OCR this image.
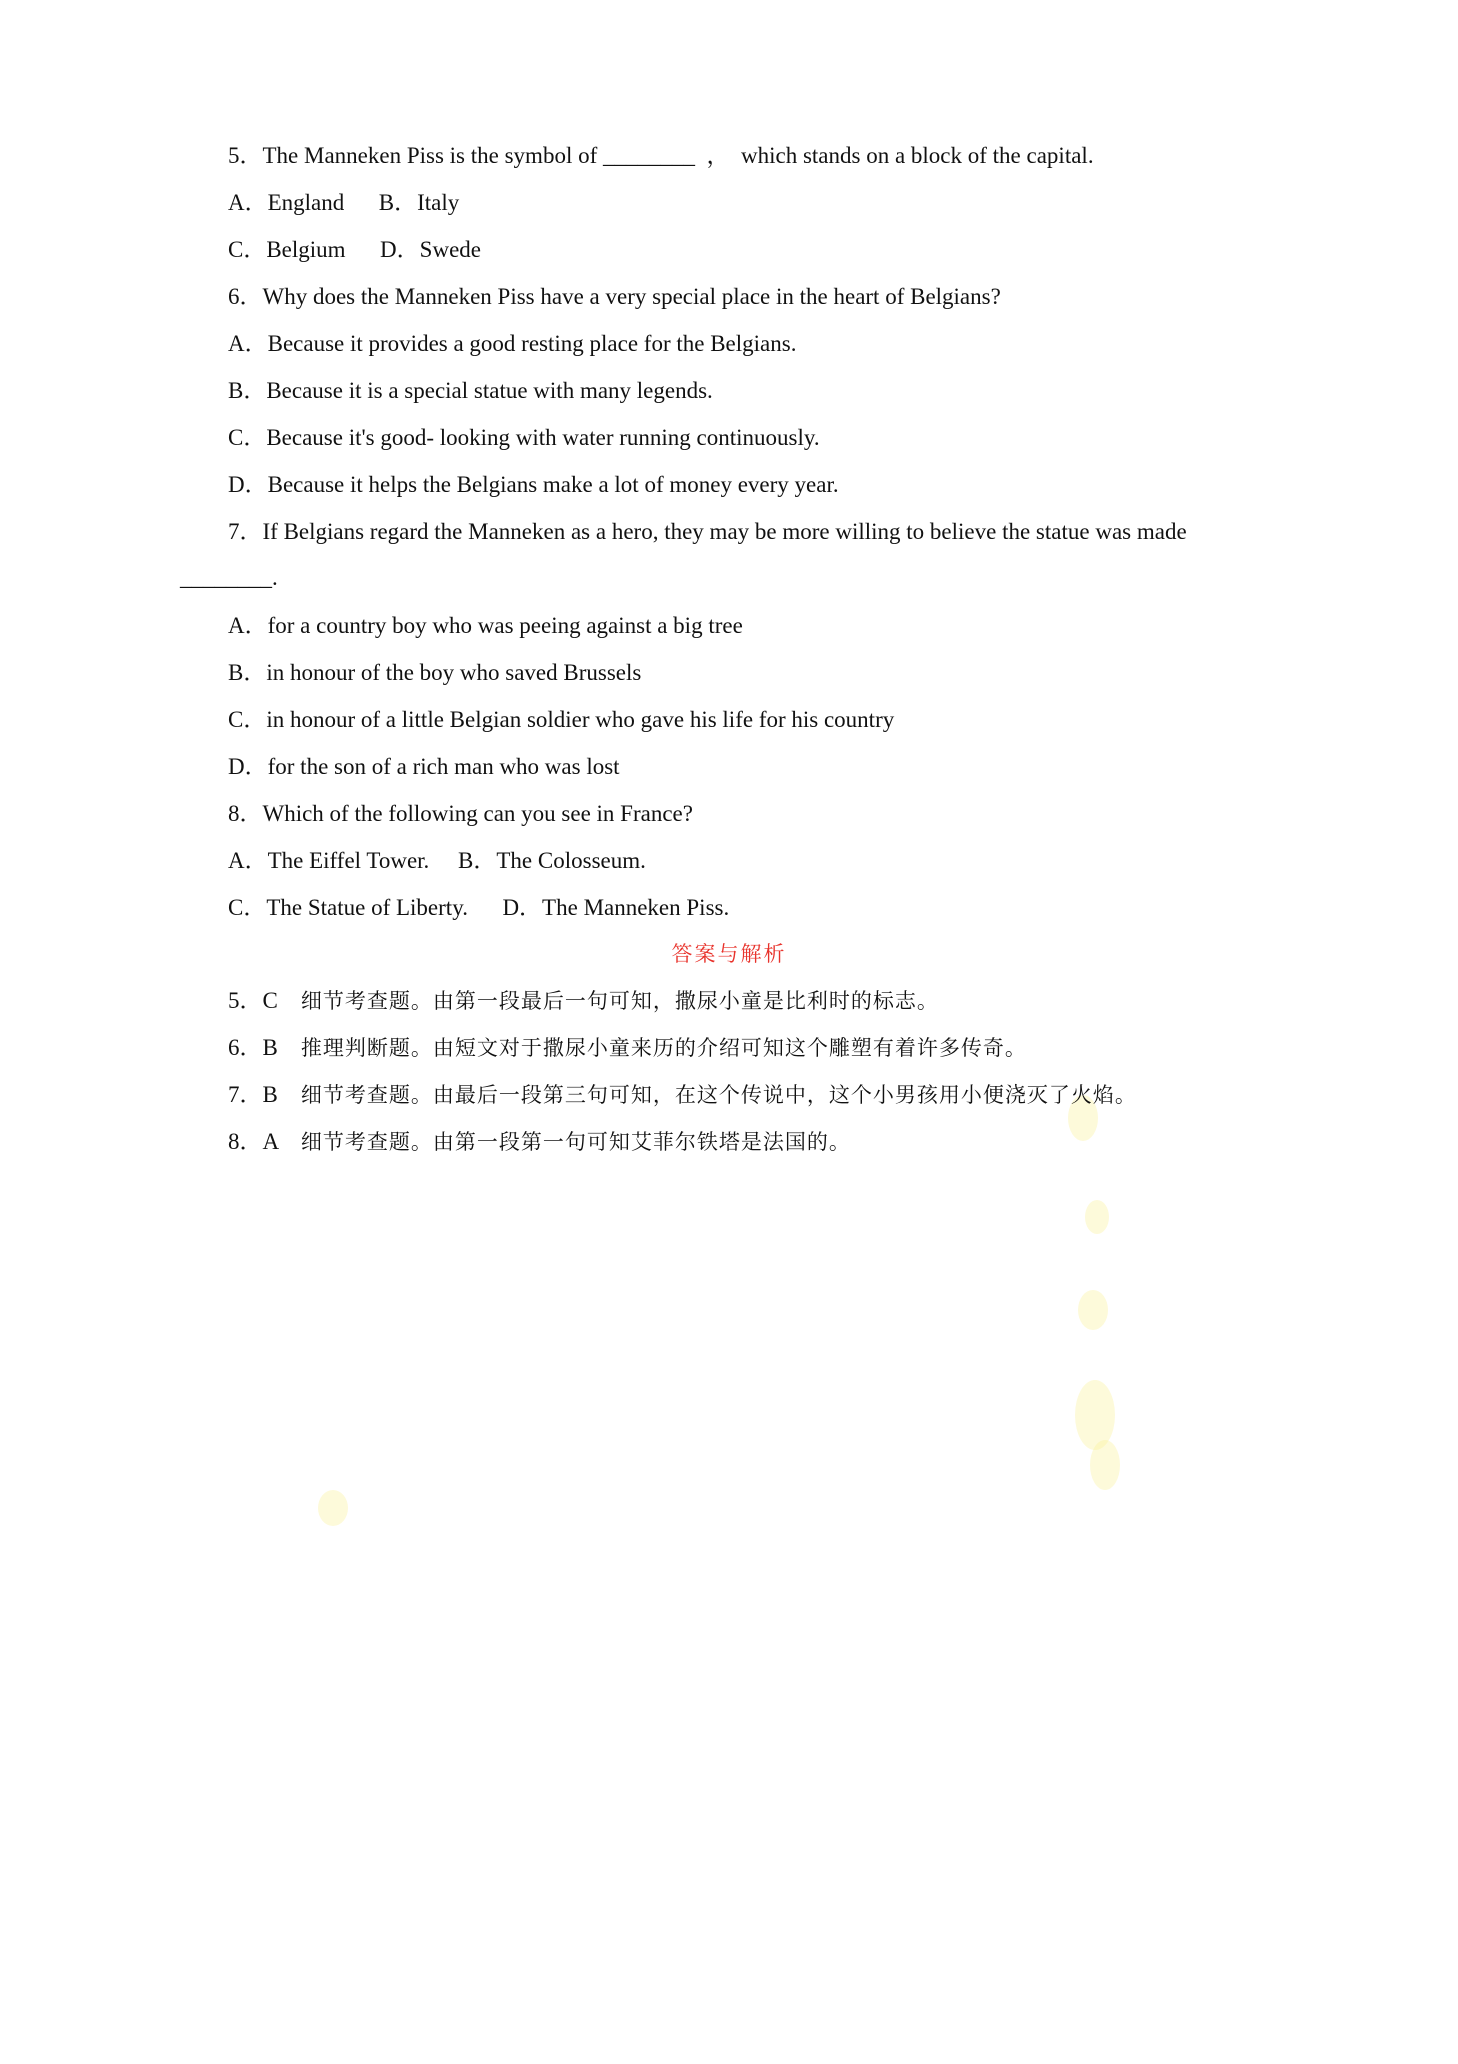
5．The Manneken Piss is the symbol of ________  ，  which stands on a block of the capital.
A．England      B．Italy
C．Belgium      D．Swede
6．Why does the Manneken Piss have a very special place in the heart of Belgians?
A．Because it provides a good resting place for the Belgians.
B．Because it is a special statue with many legends.
C．Because it's good- looking with water running continuously.
D．Because it helps the Belgians make a lot of money every year.
7．If Belgians regard the Manneken as a hero, they may be more willing to believe the statue was made
________.
A．for a country boy who was peeing against a big tree
B．in honour of the boy who saved Brussels
C．in honour of a little Belgian soldier who gave his life for his country
D．for the son of a rich man who was lost
8．Which of the following can you see in France?
A．The Eiffel Tower.     B．The Colosseum.
C．The Statue of Liberty.      D．The Manneken Piss.
答案与解析
5．C 细节考查题。由第一段最后一句可知，撒尿小童是比利时的标志。
6．B 推理判断题。由短文对于撒尿小童来历的介绍可知这个雕塑有着许多传奇。
7．B 细节考查题。由最后一段第三句可知，在这个传说中，这个小男孩用小便浇灭了火焰。
8．A 细节考查题。由第一段第一句可知艾菲尔铁塔是法国的。
